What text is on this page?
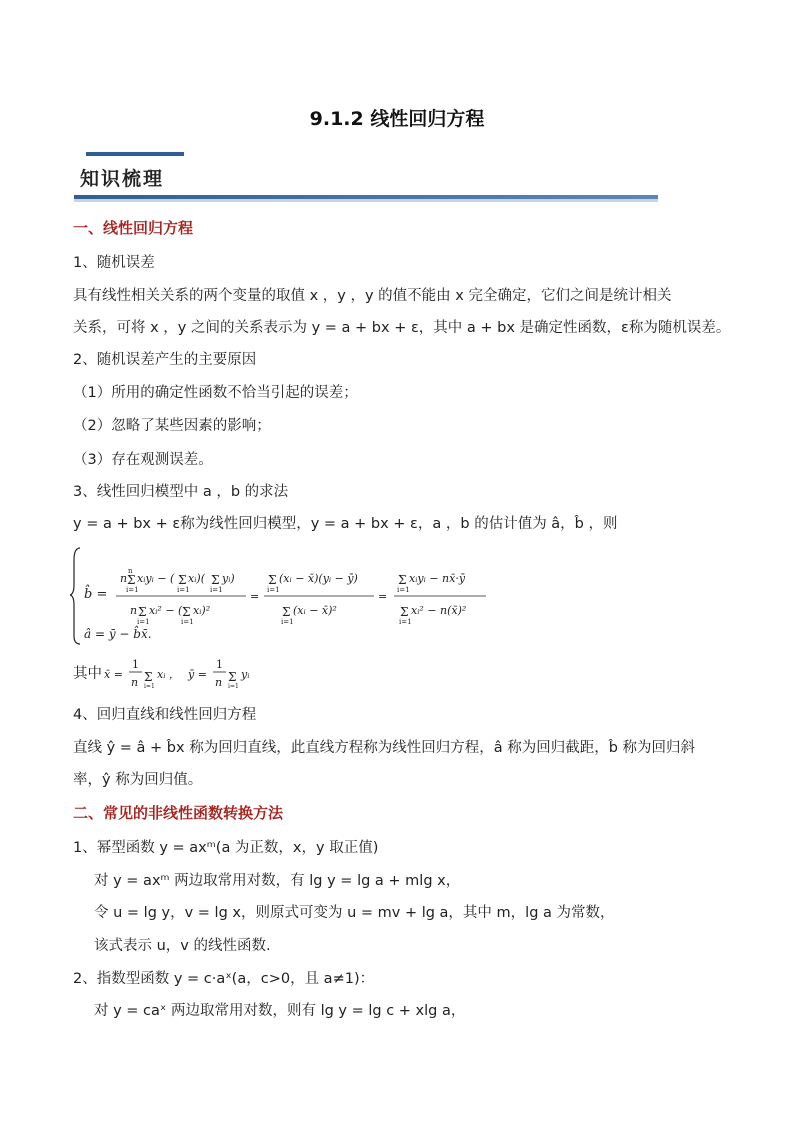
9.1.2 线性回归方程
知识梳理
一、线性回归方程
1、随机误差
具有线性相关关系的两个变量的取值 x ，y ，y 的值不能由 x 完全确定，它们之间是统计相关
关系，可将 x ，y 之间的关系表示为 y = a + bx + ε，其中 a + bx 是确定性函数，ε称为随机误差。
2、随机误差产生的主要原因
（1）所用的确定性函数不恰当引起的误差；
（2）忽略了某些因素的影响；
（3）存在观测误差。
3、线性回归模型中 a ，b 的求法
y = a + bx + ε称为线性回归模型，y = a + bx + ε，a ，b 的估计值为 â，b̂ ，则
b̂ =
n
n
Σ
i=1
xᵢyᵢ − ( Σ
i=1
xᵢ)( Σ
i=1
yᵢ)
n Σ
i=1
xᵢ² − ( Σ
i=1
xᵢ)²
=
Σ
i=1
(xᵢ − x̄)(yᵢ − ȳ)
Σ
i=1
(xᵢ − x̄)²
=
Σ
i=1
xᵢyᵢ − nx̄·ȳ
Σ
i=1
xᵢ² − n(x̄)²
â = ȳ − b̂x̄.
其中 x̄ =
1
n Σ
i=1
xᵢ ， ȳ =
1
n Σ
i=1
yᵢ
4、回归直线和线性回归方程
直线 ŷ = â + b̂x 称为回归直线，此直线方程称为线性回归方程，â 称为回归截距，b̂ 称为回归斜
率，ŷ 称为回归值。
二、常见的非线性函数转换方法
1、幂型函数 y = axᵐ(a 为正数，x，y 取正值)
对 y = axᵐ 两边取常用对数，有 lg y = lg a + mlg x，
令 u = lg y，v = lg x，则原式可变为 u = mv + lg a，其中 m，lg a 为常数，
该式表示 u，v 的线性函数.
2、指数型函数 y = c·aˣ(a，c>0，且 a≠1)：
对 y = caˣ 两边取常用对数，则有 lg y = lg c + xlg a，
